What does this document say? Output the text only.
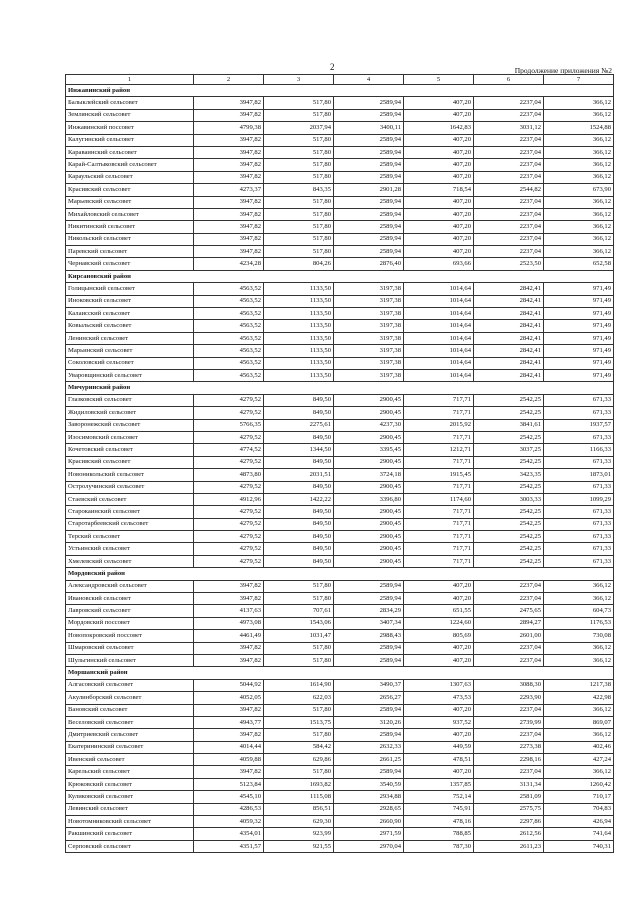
2	Продолжение приложения №2
1	2	3	4	5	6	7
Инжавинский район						
Балыклейский сельсовет	3947,82	517,80	2589,94	407,20	2237,04	366,12
Землянский сельсовет	3947,82	517,80	2589,94	407,20	2237,04	366,12
Инжавинский поссовет	4799,38	2037,94	3400,11	1642,83	3031,12	1524,88
Калугинский сельсовет	3947,82	517,80	2589,94	407,20	2237,04	366,12
Караваинский сельсовет	3947,82	517,80	2589,94	407,20	2237,04	366,12
Карай-Салтыковский сельсовет	3947,82	517,80	2589,94	407,20	2237,04	366,12
Караульский сельсовет	3947,82	517,80	2589,94	407,20	2237,04	366,12
Красивский сельсовет	4273,37	843,35	2901,28	718,54	2544,82	673,90
Марьевский сельсовет	3947,82	517,80	2589,94	407,20	2237,04	366,12
Михайловский сельсовет	3947,82	517,80	2589,94	407,20	2237,04	366,12
Никитинский сельсовет	3947,82	517,80	2589,94	407,20	2237,04	366,12
Никольский сельсовет	3947,82	517,80	2589,94	407,20	2237,04	366,12
Паревский сельсовет	3947,82	517,80	2589,94	407,20	2237,04	366,12
Чернавский сельсовет	4234,28	804,26	2876,40	693,66	2523,50	652,58
Кирсановский район						
Голицынский сельсовет	4563,52	1133,50	3197,38	1014,64	2842,41	971,49
Иноковский сельсовет	4563,52	1133,50	3197,38	1014,64	2842,41	971,49
Калаисский сельсовет	4563,52	1133,50	3197,38	1014,64	2842,41	971,49
Ковыльский сельсовет	4563,52	1133,50	3197,38	1014,64	2842,41	971,49
Ленинский сельсовет	4563,52	1133,50	3197,38	1014,64	2842,41	971,49
Марьинский сельсовет	4563,52	1133,50	3197,38	1014,64	2842,41	971,49
Соколовский сельсовет	4563,52	1133,50	3197,38	1014,64	2842,41	971,49
Уваровщинский сельсовет	4563,52	1133,50	3197,38	1014,64	2842,41	971,49
Мичуринский район						
Глазковский сельсовет	4279,52	849,50	2900,45	717,71	2542,25	671,33
Жидиловский сельсовет	4279,52	849,50	2900,45	717,71	2542,25	671,33
Заворонежский сельсовет	5766,35	2275,61	4237,30	2015,92	3841,61	1937,57
Изосимовский сельсовет	4279,52	849,50	2900,45	717,71	2542,25	671,33
Кочетовский сельсовет	4774,52	1344,50	3395,45	1212,71	3037,25	1166,33
Красивский сельсовет	4279,52	849,50	2900,45	717,71	2542,25	671,33
Новоникольский сельсовет	4873,80	2031,51	3724,18	1915,45	3423,35	1873,01
Остролучинский сельсовет	4279,52	849,50	2900,45	717,71	2542,25	671,33
Стаевский сельсовет	4912,96	1422,22	3396,80	1174,60	3003,33	1099,29
Старокаинский сельсовет	4279,52	849,50	2900,45	717,71	2542,25	671,33
Старотарбеевский сельсовет	4279,52	849,50	2900,45	717,71	2542,25	671,33
Терский сельсовет	4279,52	849,50	2900,45	717,71	2542,25	671,33
Устьинский сельсовет	4279,52	849,50	2900,45	717,71	2542,25	671,33
Хмелевский сельсовет	4279,52	849,50	2900,45	717,71	2542,25	671,33
Мордовский район						
Александровский сельсовет	3947,82	517,80	2589,94	407,20	2237,04	366,12
Ивановский сельсовет	3947,82	517,80	2589,94	407,20	2237,04	366,12
Лавровский сельсовет	4137,63	707,61	2834,29	651,55	2475,65	604,73
Мордовский поссовет	4973,08	1543,06	3407,34	1224,60	2894,27	1176,53
Новопокровский поссовет	4461,49	1031,47	2988,43	805,69	2601,00	730,08
Шмаровский сельсовет	3947,82	517,80	2589,94	407,20	2237,04	366,12
Шульгинский сельсовет	3947,82	517,80	2589,94	407,20	2237,04	366,12
Моршанский район						
Алгасовский сельсовет	5044,92	1614,90	3490,37	1307,63	3088,30	1217,38
Акулинборский сельсовет	4052,05	622,03	2656,27	473,53	2293,90	422,98
Вановский сельсовет	3947,82	517,80	2589,94	407,20	2237,04	366,12
Веселовский сельсовет	4943,77	1513,75	3120,26	937,52	2739,99	869,07
Дмитриевский сельсовет	3947,82	517,80	2589,94	407,20	2237,04	366,12
Екатерининский сельсовет	4014,44	584,42	2632,33	449,59	2273,38	402,46
Ивенский сельсовет	4059,88	629,86	2661,25	478,51	2298,16	427,24
Карельский сельсовет	3947,82	517,80	2589,94	407,20	2237,04	366,12
Крюковский сельсовет	5123,84	1693,82	3540,59	1357,85	3131,34	1260,42
Куликовский сельсовет	4545,10	1115,08	2934,88	752,14	2581,09	710,17
Левинский сельсовет	4286,53	856,51	2928,65	745,91	2575,75	704,83
Новотомниковский сельсовет	4059,32	629,30	2660,90	478,16	2297,86	426,94
Ракшинский сельсовет	4354,01	923,99	2971,59	788,85	2612,56	741,64
Серповский сельсовет	4351,57	921,55	2970,04	787,30	2611,23	740,31
